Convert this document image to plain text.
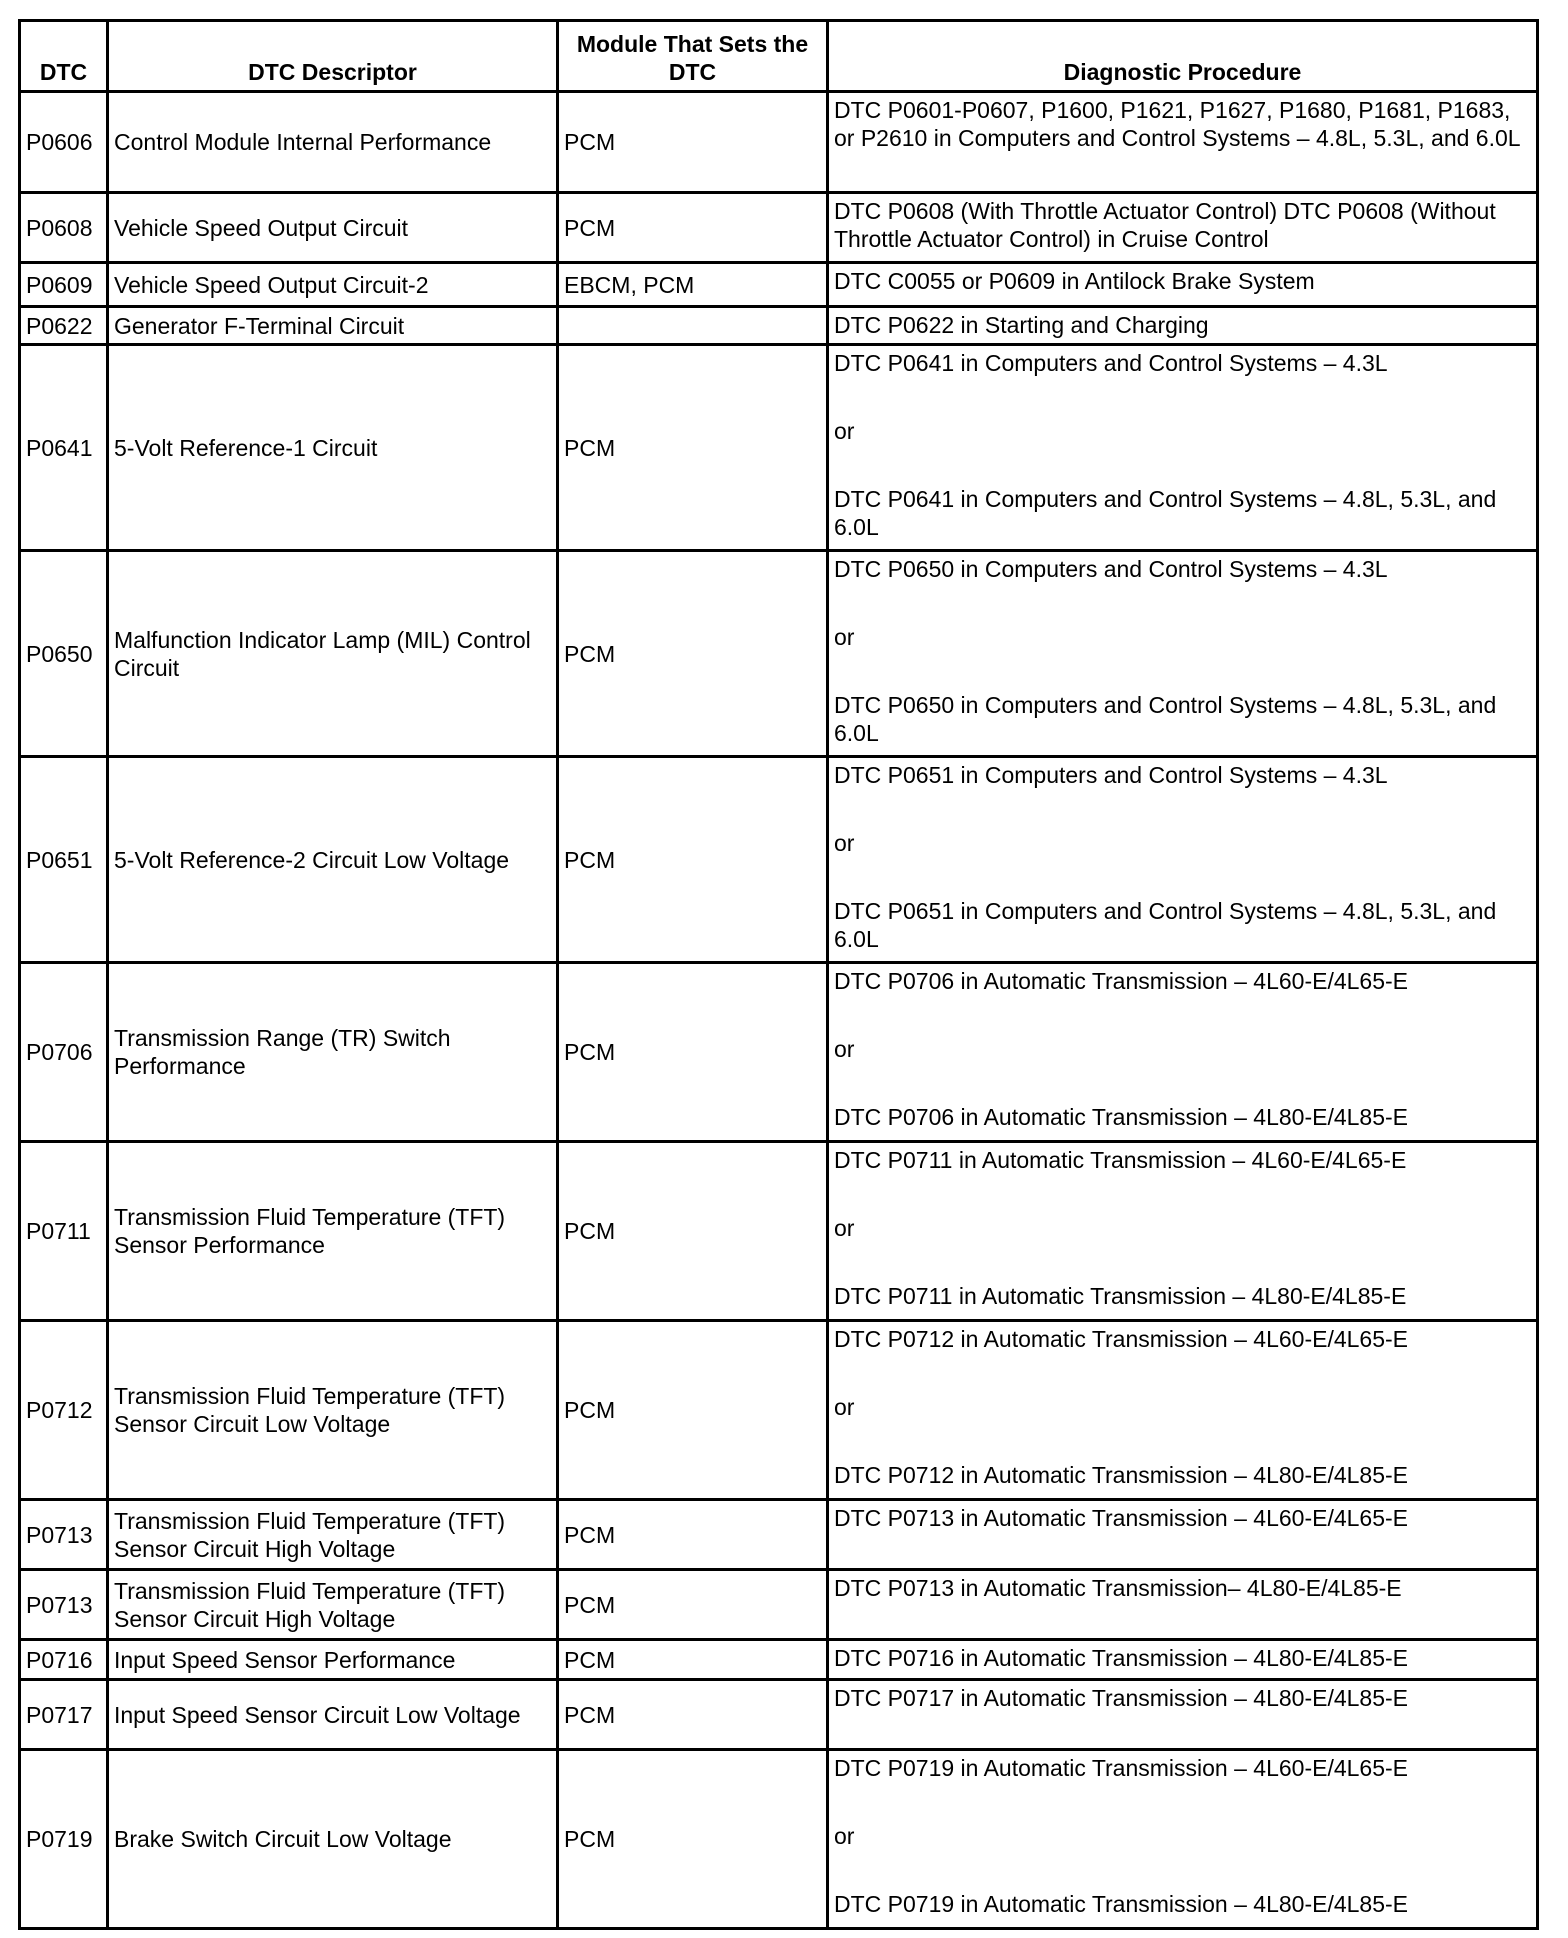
DTC	DTC Descriptor	Module That Sets the DTC	Diagnostic Procedure
P0606	Control Module Internal Performance	PCM	DTC P0601-P0607, P1600, P1621, P1627, P1680, P1681, P1683, or P2610 in Computers and Control Systems – 4.8L, 5.3L, and 6.0L

P0608	Vehicle Speed Output Circuit	PCM	DTC P0608 (With Throttle Actuator Control) DTC P0608 (Without Throttle Actuator Control) in Cruise Control

P0609	Vehicle Speed Output Circuit-2	EBCM, PCM	DTC C0055 or P0609 in Antilock Brake System

P0622	Generator F-Terminal Circuit		DTC P0622 in Starting and Charging

P0641	5-Volt Reference-1 Circuit	PCM	DTC P0641 in Computers and Control Systems – 4.3L
or
DTC P0641 in Computers and Control Systems – 4.8L, 5.3L, and 6.0L

P0650	Malfunction Indicator Lamp (MIL) Control Circuit	PCM	DTC P0650 in Computers and Control Systems – 4.3L
or
DTC P0650 in Computers and Control Systems – 4.8L, 5.3L, and 6.0L

P0651	5-Volt Reference-2 Circuit Low Voltage	PCM	DTC P0651 in Computers and Control Systems – 4.3L
or
DTC P0651 in Computers and Control Systems – 4.8L, 5.3L, and 6.0L

P0706	Transmission Range (TR) Switch Performance	PCM	DTC P0706 in Automatic Transmission – 4L60-E/4L65-E
or
DTC P0706 in Automatic Transmission – 4L80-E/4L85-E

P0711	Transmission Fluid Temperature (TFT) Sensor Performance	PCM	DTC P0711 in Automatic Transmission – 4L60-E/4L65-E
or
DTC P0711 in Automatic Transmission – 4L80-E/4L85-E

P0712	Transmission Fluid Temperature (TFT) Sensor Circuit Low Voltage	PCM	DTC P0712 in Automatic Transmission – 4L60-E/4L65-E
or
DTC P0712 in Automatic Transmission – 4L80-E/4L85-E

P0713	Transmission Fluid Temperature (TFT) Sensor Circuit High Voltage	PCM	DTC P0713 in Automatic Transmission – 4L60-E/4L65-E

P0713	Transmission Fluid Temperature (TFT) Sensor Circuit High Voltage	PCM	DTC P0713 in Automatic Transmission– 4L80-E/4L85-E

P0716	Input Speed Sensor Performance	PCM	DTC P0716 in Automatic Transmission – 4L80-E/4L85-E

P0717	Input Speed Sensor Circuit Low Voltage	PCM	DTC P0717 in Automatic Transmission – 4L80-E/4L85-E

P0719	Brake Switch Circuit Low Voltage	PCM	DTC P0719 in Automatic Transmission – 4L60-E/4L65-E
or
DTC P0719 in Automatic Transmission – 4L80-E/4L85-E
